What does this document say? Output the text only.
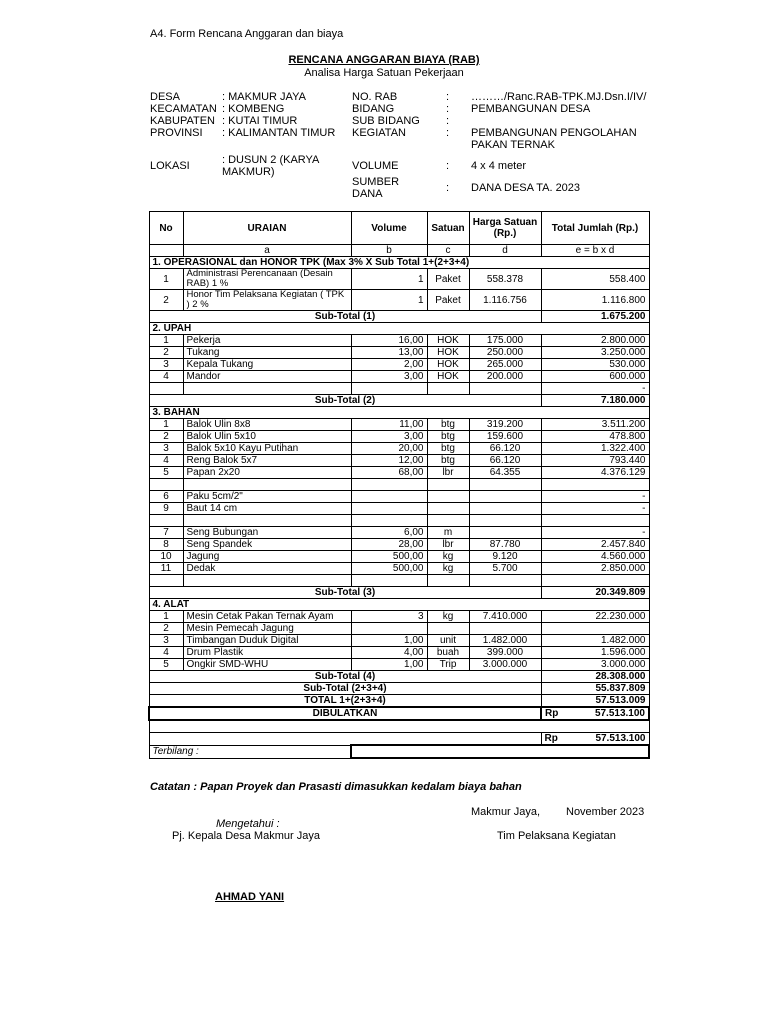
A4. Form Rencana Anggaran dan biaya
RENCANA ANGGARAN BIAYA (RAB)
Analisa Harga Satuan Pekerjaan
DESA	: MAKMUR JAYA
KECAMATAN	: KOMBENG
KABUPATEN	: KUTAI TIMUR
PROVINSI	: KALIMANTAN TIMUR
LOKASI	: DUSUN 2 (KARYA MAKMUR)
NO. RAB	: ………/Ranc.RAB-TPK.MJ.Dsn.I/IV/
BIDANG	: PEMBANGUNAN DESA
SUB BIDANG :
KEGIATAN	: PEMBANGUNAN PENGOLAHAN PAKAN TERNAK
VOLUME	: 4 x 4 meter
SUMBER DANA	: DANA DESA TA. 2023
No	URAIAN	Volume	Satuan	Harga Satuan (Rp.)	Total Jumlah (Rp.)
	a	b	c	d	e = b x d
1. OPERASIONAL dan HONOR TPK (Max 3% X Sub Total 1+(2+3+4)					
1	Administrasi Perencanaan (Desain RAB) 1 %	1	Paket	558.378	558.400
2	Honor Tim Pelaksana Kegiatan ( TPK ) 2 %	1	Paket	1.116.756	1.116.800
Sub-Total (1)					1.675.200
2. UPAH					
1	Pekerja	16,00	HOK	175.000	2.800.000
2	Tukang	13,00	HOK	250.000	3.250.000
3	Kepala Tukang	2,00	HOK	265.000	530.000
4	Mandor	3,00	HOK	200.000	600.000
					-
Sub-Total (2)					7.180.000
3. BAHAN					
1	Balok Ulin 8x8	11,00	btg	319.200	3.511.200
2	Balok Ulin 5x10	3,00	btg	159.600	478.800
3	Balok 5x10 Kayu Putihan	20,00	btg	66.120	1.322.400
4	Reng Balok 5x7	12,00	btg	66.120	793.440
5	Papan 2x20	68,00	lbr	64.355	4.376.129

6	Paku 5cm/2"				-
9	Baut 14 cm				-

7	Seng Bubungan	6,00	m		-
8	Seng Spandek	28,00	lbr	87.780	2.457.840
10	Jagung	500,00	kg	9.120	4.560.000
11	Dedak	500,00	kg	5.700	2.850.000

Sub-Total (3)					20.349.809
4. ALAT					
1	Mesin Cetak Pakan Ternak Ayam	3	kg	7.410.000	22.230.000
2	Mesin Pemecah Jagung				
3	Timbangan Duduk Digital	1,00	unit	1.482.000	1.482.000
4	Drum Plastik	4,00	buah	399.000	1.596.000
5	Ongkir SMD-WHU	1,00	Trip	3.000.000	3.000.000
Sub-Total (4)					28.308.000
Sub-Total (2+3+4)					55.837.809
TOTAL 1+(2+3+4)					57.513.009
DIBULATKAN					Rp 57.513.100

					Rp 57.513.100

Terbilang :					
Catatan : Papan Proyek dan Prasasti dimasukkan kedalam biaya bahan
Makmur Jaya, November 2023
Mengetahui :
Pj. Kepala Desa Makmur Jaya	Tim Pelaksana Kegiatan
AHMAD YANI
